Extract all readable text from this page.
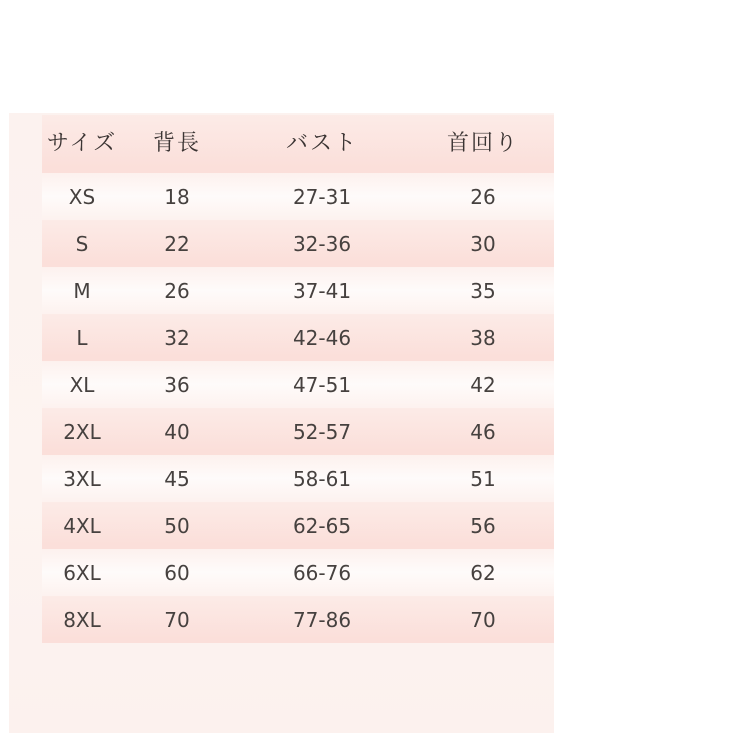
サイズ	背長	バスト	首回り
XS	18	27-31	26
S	22	32-36	30
M	26	37-41	35
L	32	42-46	38
XL	36	47-51	42
2XL	40	52-57	46
3XL	45	58-61	51
4XL	50	62-65	56
6XL	60	66-76	62
8XL	70	77-86	70
